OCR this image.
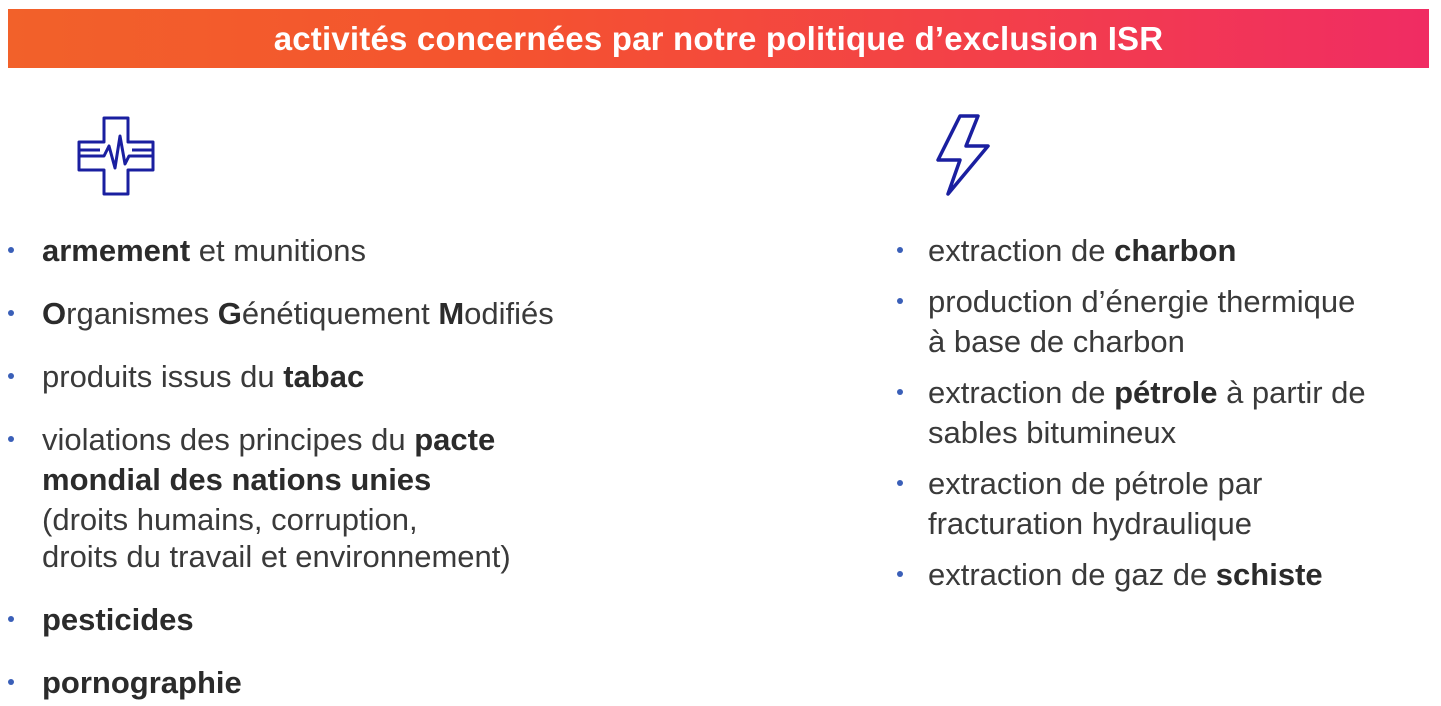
activités concernées par notre politique d’exclusion ISR
armement et munitions
Organismes Génétiquement Modifiés
produits issus du tabac
violations des principes du pacte
mondial des nations unies
(droits humains, corruption,
droits du travail et environnement)
pesticides
pornographie
extraction de charbon
production d’énergie thermique
à base de charbon
extraction de pétrole à partir de
sables bitumineux
extraction de pétrole par
fracturation hydraulique
extraction de gaz de schiste
